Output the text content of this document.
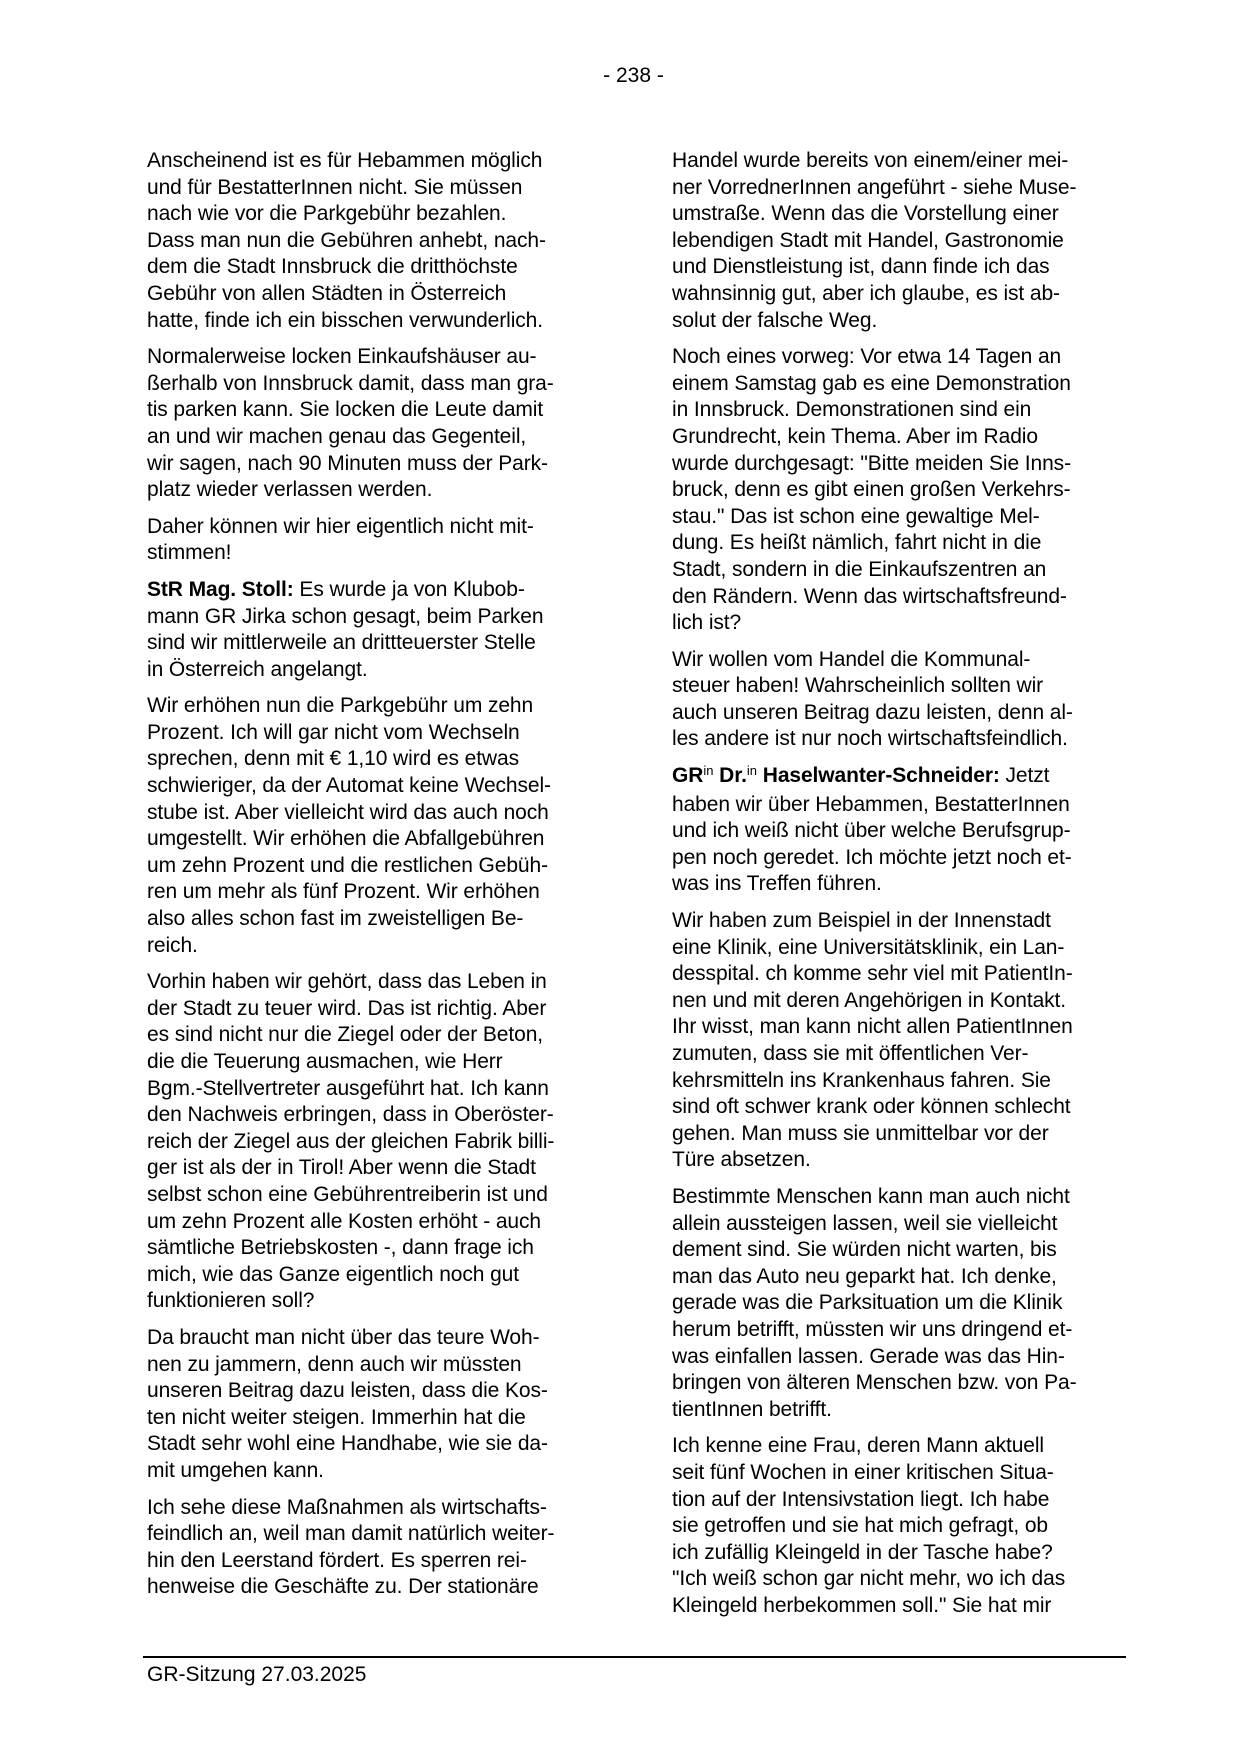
- 238 -
Anscheinend ist es für Hebammen möglich
und für BestatterInnen nicht. Sie müssen
nach wie vor die Parkgebühr bezahlen.
Dass man nun die Gebühren anhebt, nach-
dem die Stadt Innsbruck die dritthöchste
Gebühr von allen Städten in Österreich
hatte, finde ich ein bisschen verwunderlich.
Normalerweise locken Einkaufshäuser au-
ßerhalb von Innsbruck damit, dass man gra-
tis parken kann. Sie locken die Leute damit
an und wir machen genau das Gegenteil,
wir sagen, nach 90 Minuten muss der Park-
platz wieder verlassen werden.
Daher können wir hier eigentlich nicht mit-
stimmen!
StR Mag. Stoll: Es wurde ja von Klubob-
mann GR Jirka schon gesagt, beim Parken
sind wir mittlerweile an drittteuerster Stelle
in Österreich angelangt.
Wir erhöhen nun die Parkgebühr um zehn
Prozent. Ich will gar nicht vom Wechseln
sprechen, denn mit € 1,10 wird es etwas
schwieriger, da der Automat keine Wechsel-
stube ist. Aber vielleicht wird das auch noch
umgestellt. Wir erhöhen die Abfallgebühren
um zehn Prozent und die restlichen Gebüh-
ren um mehr als fünf Prozent. Wir erhöhen
also alles schon fast im zweistelligen Be-
reich.
Vorhin haben wir gehört, dass das Leben in
der Stadt zu teuer wird. Das ist richtig. Aber
es sind nicht nur die Ziegel oder der Beton,
die die Teuerung ausmachen, wie Herr
Bgm.-Stellvertreter ausgeführt hat. Ich kann
den Nachweis erbringen, dass in Oberöster-
reich der Ziegel aus der gleichen Fabrik billi-
ger ist als der in Tirol! Aber wenn die Stadt
selbst schon eine Gebührentreiberin ist und
um zehn Prozent alle Kosten erhöht - auch
sämtliche Betriebskosten -, dann frage ich
mich, wie das Ganze eigentlich noch gut
funktionieren soll?
Da braucht man nicht über das teure Woh-
nen zu jammern, denn auch wir müssten
unseren Beitrag dazu leisten, dass die Kos-
ten nicht weiter steigen. Immerhin hat die
Stadt sehr wohl eine Handhabe, wie sie da-
mit umgehen kann.
Ich sehe diese Maßnahmen als wirtschafts-
feindlich an, weil man damit natürlich weiter-
hin den Leerstand fördert. Es sperren rei-
henweise die Geschäfte zu. Der stationäre
Handel wurde bereits von einem/einer mei-
ner VorrednerInnen angeführt - siehe Muse-
umstraße. Wenn das die Vorstellung einer
lebendigen Stadt mit Handel, Gastronomie
und Dienstleistung ist, dann finde ich das
wahnsinnig gut, aber ich glaube, es ist ab-
solut der falsche Weg.
Noch eines vorweg: Vor etwa 14 Tagen an
einem Samstag gab es eine Demonstration
in Innsbruck. Demonstrationen sind ein
Grundrecht, kein Thema. Aber im Radio
wurde durchgesagt: "Bitte meiden Sie Inns-
bruck, denn es gibt einen großen Verkehrs-
stau." Das ist schon eine gewaltige Mel-
dung. Es heißt nämlich, fahrt nicht in die
Stadt, sondern in die Einkaufszentren an
den Rändern. Wenn das wirtschaftsfreund-
lich ist?
Wir wollen vom Handel die Kommunal-
steuer haben! Wahrscheinlich sollten wir
auch unseren Beitrag dazu leisten, denn al-
les andere ist nur noch wirtschaftsfeindlich.
$GR^{in}$ Dr.$^{in}$ Haselwanter-Schneider: Jetzt
haben wir über Hebammen, BestatterInnen
und ich weiß nicht über welche Berufsgrup-
pen noch geredet. Ich möchte jetzt noch et-
was ins Treffen führen.
Wir haben zum Beispiel in der Innenstadt
eine Klinik, eine Universitätsklinik, ein Lan-
desspital. ch komme sehr viel mit PatientIn-
nen und mit deren Angehörigen in Kontakt.
Ihr wisst, man kann nicht allen PatientInnen
zumuten, dass sie mit öffentlichen Ver-
kehrsmitteln ins Krankenhaus fahren. Sie
sind oft schwer krank oder können schlecht
gehen. Man muss sie unmittelbar vor der
Türe absetzen.
Bestimmte Menschen kann man auch nicht
allein aussteigen lassen, weil sie vielleicht
dement sind. Sie würden nicht warten, bis
man das Auto neu geparkt hat. Ich denke,
gerade was die Parksituation um die Klinik
herum betrifft, müssten wir uns dringend et-
was einfallen lassen. Gerade was das Hin-
bringen von älteren Menschen bzw. von Pa-
tientInnen betrifft.
Ich kenne eine Frau, deren Mann aktuell
seit fünf Wochen in einer kritischen Situa-
tion auf der Intensivstation liegt. Ich habe
sie getroffen und sie hat mich gefragt, ob
ich zufällig Kleingeld in der Tasche habe?
"Ich weiß schon gar nicht mehr, wo ich das
Kleingeld herbekommen soll." Sie hat mir
GR-Sitzung 27.03.2025
